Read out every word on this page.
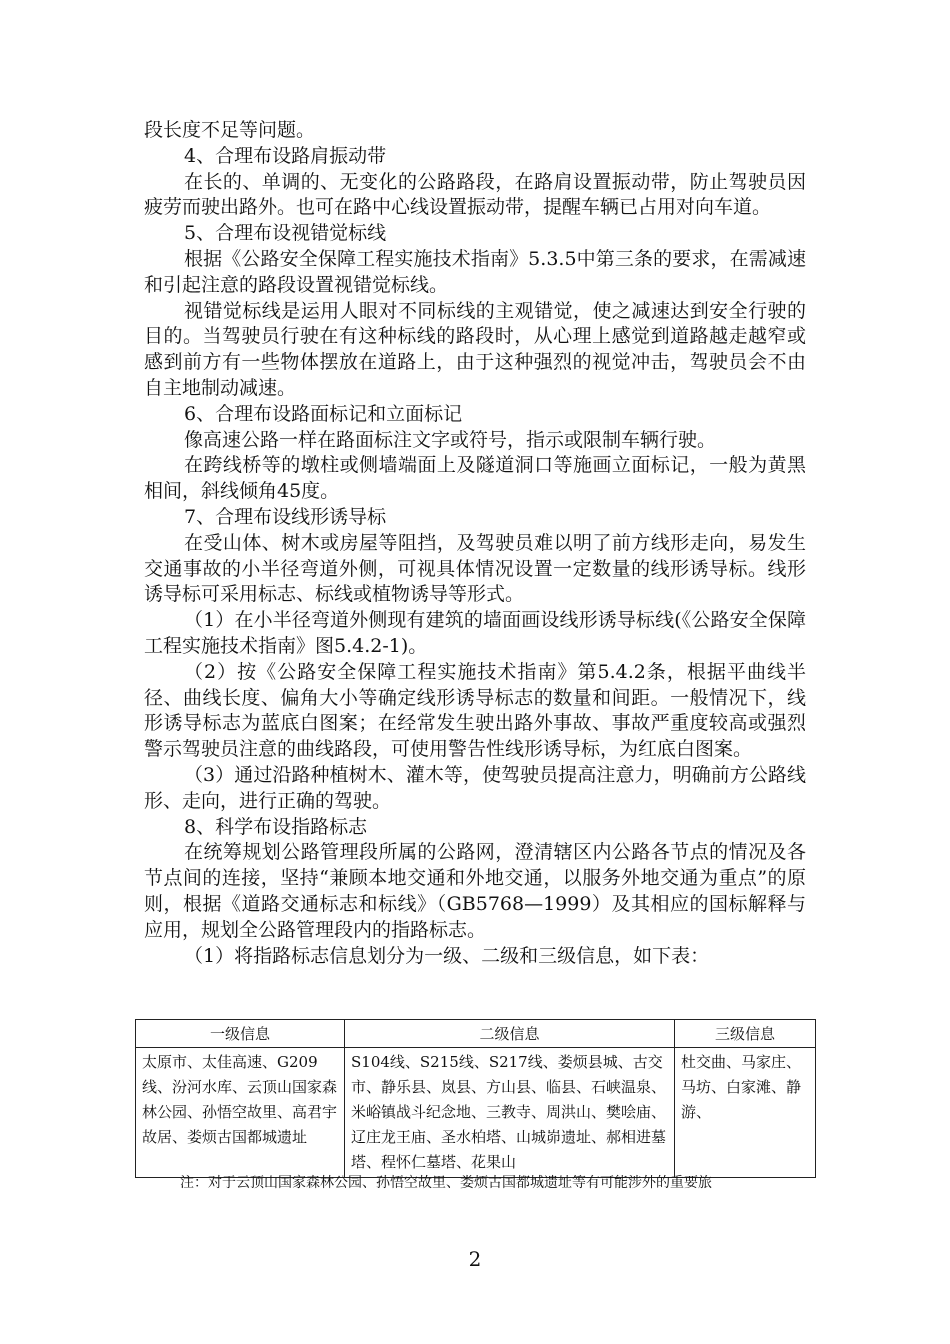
段长度不足等问题。

4、合理布设路肩振动带

在长的、单调的、无变化的公路路段，在路肩设置振动带，防止驾驶员因疲劳而驶出路外。也可在路中心线设置振动带，提醒车辆已占用对向车道。

5、合理布设视错觉标线

根据《公路安全保障工程实施技术指南》5.3.5中第三条的要求，在需减速和引起注意的路段设置视错觉标线。

视错觉标线是运用人眼对不同标线的主观错觉，使之减速达到安全行驶的目的。当驾驶员行驶在有这种标线的路段时，从心理上感觉到道路越走越窄或感到前方有一些物体摆放在道路上，由于这种强烈的视觉冲击，驾驶员会不由自主地制动减速。

6、合理布设路面标记和立面标记

像高速公路一样在路面标注文字或符号，指示或限制车辆行驶。

在跨线桥等的墩柱或侧墙端面上及隧道洞口等施画立面标记，一般为黄黑相间，斜线倾角45度。

7、合理布设线形诱导标

在受山体、树木或房屋等阻挡，及驾驶员难以明了前方线形走向，易发生交通事故的小半径弯道外侧，可视具体情况设置一定数量的线形诱导标。线形诱导标可采用标志、标线或植物诱导等形式。

（1）在小半径弯道外侧现有建筑的墙面画设线形诱导标线(《公路安全保障工程实施技术指南》图5.4.2-1)。

（2）按《公路安全保障工程实施技术指南》第5.4.2条，根据平曲线半径、曲线长度、偏角大小等确定线形诱导标志的数量和间距。一般情况下，线形诱导标志为蓝底白图案；在经常发生驶出路外事故、事故严重度较高或强烈警示驾驶员注意的曲线路段，可使用警告性线形诱导标，为红底白图案。

（3）通过沿路种植树木、灌木等，使驾驶员提高注意力，明确前方公路线形、走向，进行正确的驾驶。

8、科学布设指路标志

在统筹规划公路管理段所属的公路网，澄清辖区内公路各节点的情况及各节点间的连接，坚持“兼顾本地交通和外地交通，以服务外地交通为重点”的原则，根据《道路交通标志和标线》（GB5768—1999）及其相应的国标解释与应用，规划全公路管理段内的指路标志。

（1）将指路标志信息划分为一级、二级和三级信息，如下表：

一级信息	二级信息	三级信息
太原市、太佳高速、G209线、汾河水库、云顶山国家森林公园、孙悟空故里、高君宇故居、娄烦古国都城遗址	S104线、S215线、S217线、娄烦县城、古交市、静乐县、岚县、方山县、临县、石峡温泉、米峪镇战斗纪念地、三教寺、周洪山、樊哙庙、辽庄龙王庙、圣水柏塔、山城峁遗址、郝相进墓塔、程怀仁墓塔、花果山	杜交曲、马家庄、马坊、白家滩、静游、
注：对于云顶山国家森林公园、孙悟空故里、娄烦古国都城遗址等有可能涉外的重要旅
2
